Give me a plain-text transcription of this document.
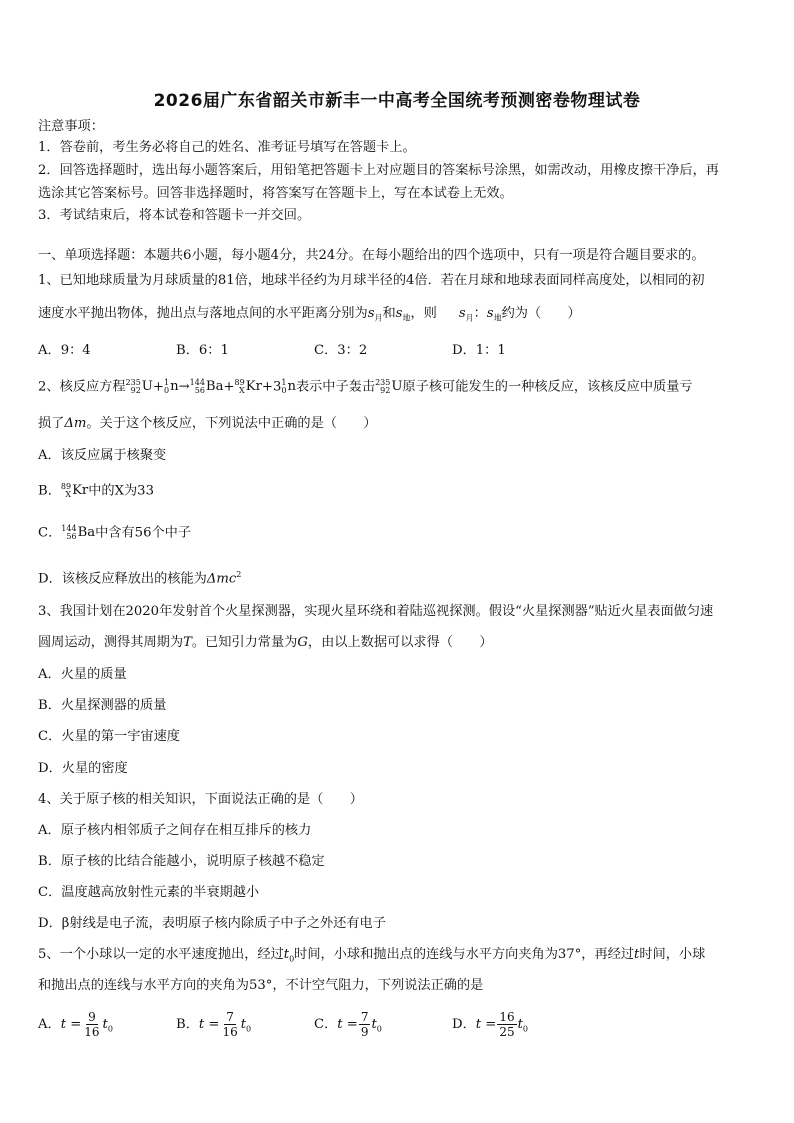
2026届广东省韶关市新丰一中高考全国统考预测密卷物理试卷
注意事项：
1．答卷前，考生务必将自己的姓名、准考证号填写在答题卡上。
2．回答选择题时，选出每小题答案后，用铅笔把答题卡上对应题目的答案标号涂黑，如需改动，用橡皮擦干净后，再
选涂其它答案标号。回答非选择题时，将答案写在答题卡上，写在本试卷上无效。
3．考试结束后，将本试卷和答题卡一并交回。
一、单项选择题：本题共6小题，每小题4分，共24分。在每小题给出的四个选项中，只有一项是符合题目要求的。
1、已知地球质量为月球质量的81倍，地球半径约为月球半径的4倍．若在月球和地球表面同样高度处，以相同的初
速度水平抛出物体，抛出点与落地点间的水平距离分别为$s_月$和$s_地$，则 $s_月$：$s_地$约为（　　）
A．9：4	B．6：1	C．3：2	D．1：1
2、核反应方程 235
92 U+ 1
0 n→ 144
56 Ba+ 89
X Kr+3 1
0 n表示中子轰击 235
92 U原子核可能发生的一种核反应，该核反应中质量亏
损了Δm。关于这个核反应，下列说法中正确的是（　　）
A．该反应属于核聚变
B． 89
X Kr中的X为33
C． 144
56 Ba中含有56个中子
D．该核反应释放出的核能为Δmc$^2$
3、我国计划在2020年发射首个火星探测器，实现火星环绕和着陆巡视探测。假设“火星探测器”贴近火星表面做匀速
圆周运动，测得其周期为T。已知引力常量为G，由以上数据可以求得（　　）
A．火星的质量
B．火星探测器的质量
C．火星的第一宇宙速度
D．火星的密度
4、关于原子核的相关知识，下面说法正确的是（　　）
A．原子核内相邻质子之间存在相互排斥的核力
B．原子核的比结合能越小，说明原子核越不稳定
C．温度越高放射性元素的半衰期越小
D．β射线是电子流，表明原子核内除质子中子之外还有电子
5、一个小球以一定的水平速度抛出，经过$t_0$时间，小球和抛出点的连线与水平方向夹角为37°，再经过t时间，小球
和抛出点的连线与水平方向的夹角为53°，不计空气阻力，下列说法正确的是
A．$t = \frac{9}{16} t_0$	B．$t = \frac{7}{16} t_0$	C．$t = \frac{7}{9} t_0$	D．$t = \frac{16}{25} t_0$
